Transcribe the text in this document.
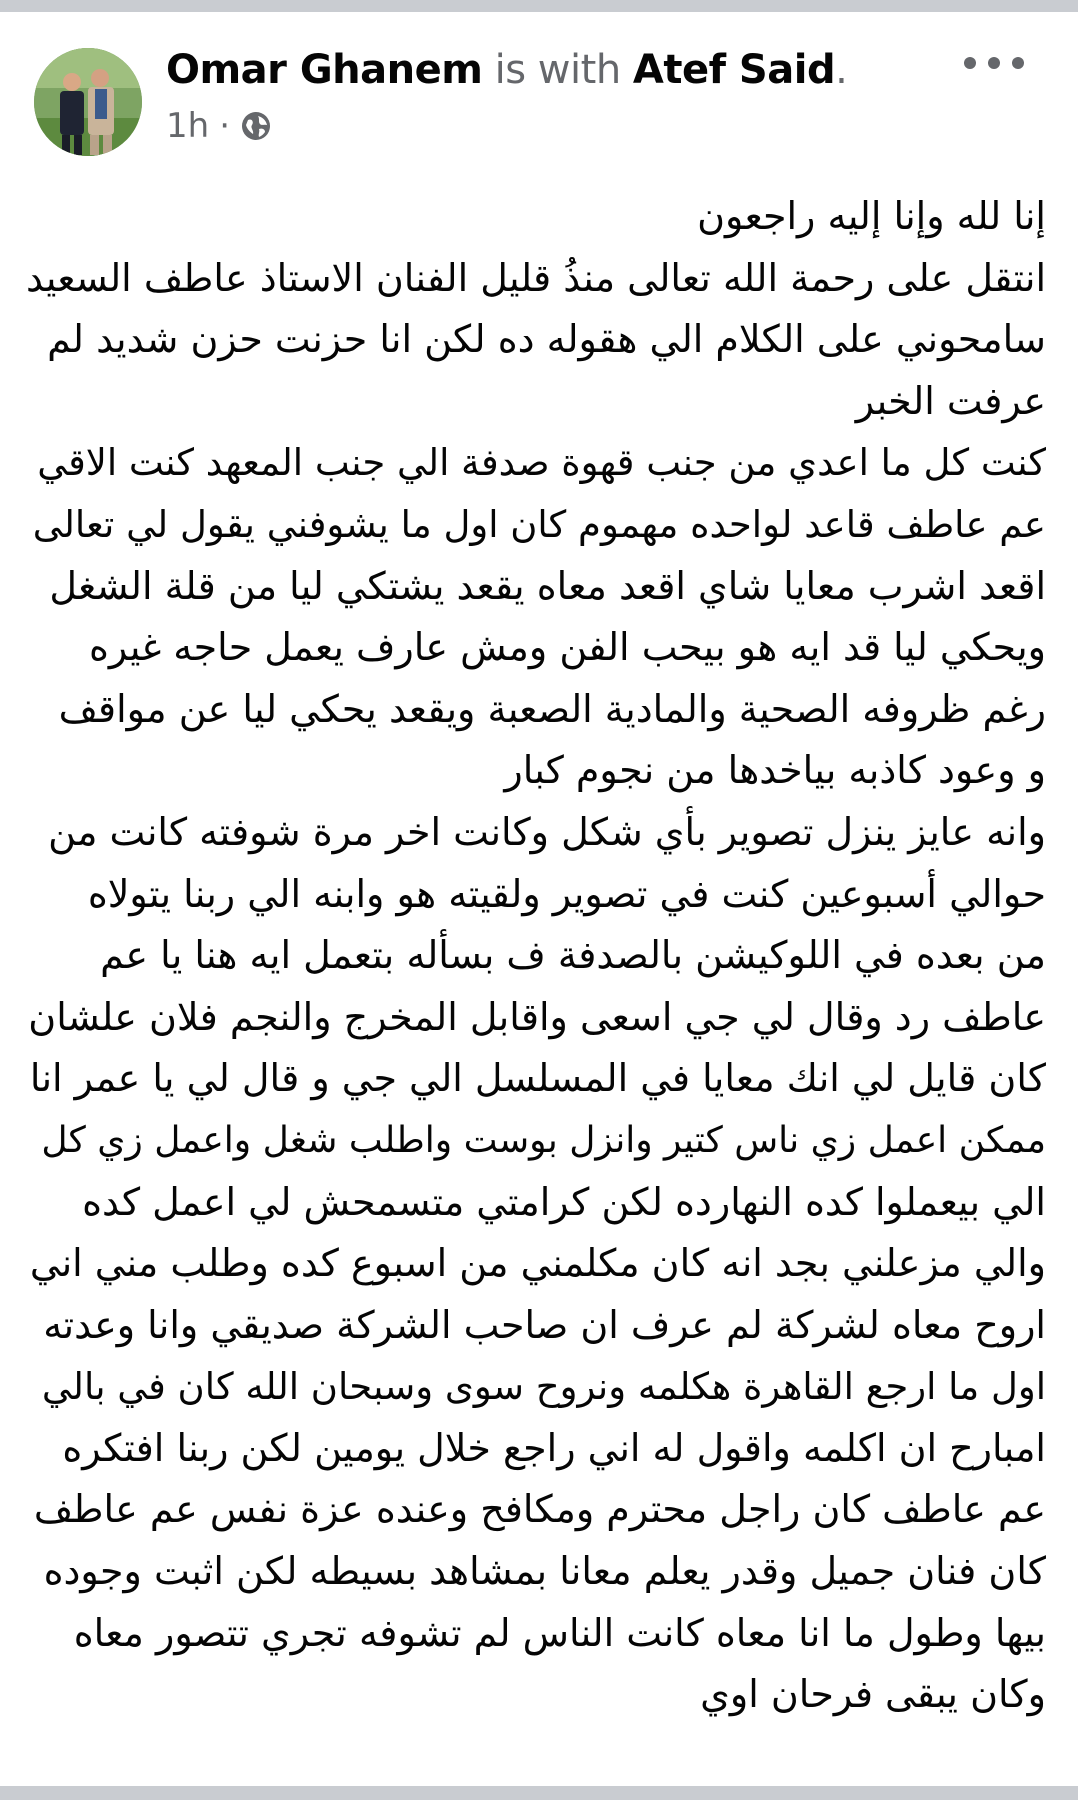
Omar Ghanem is with Atef Said.
1h ·
إنا لله وإنا إليه راجعون
انتقل على رحمة الله تعالى منذُ قليل الفنان الاستاذ عاطف السعيد
سامحوني على الكلام الي هقوله ده لكن انا حزنت حزن شديد لم
عرفت الخبر
كنت كل ما اعدي من جنب قهوة صدفة الي جنب المعهد كنت الاقي
عم عاطف قاعد لواحده مهموم كان اول ما يشوفني يقول لي تعالى
اقعد اشرب معايا شاي اقعد معاه يقعد يشتكي ليا من قلة الشغل
ويحكي ليا قد ايه هو بيحب الفن ومش عارف يعمل حاجه غيره
رغم ظروفه الصحية والمادية الصعبة ويقعد يحكي ليا عن مواقف
و وعود كاذبه بياخدها من نجوم كبار
وانه عايز ينزل تصوير بأي شكل وكانت اخر مرة شوفته كانت من
حوالي أسبوعين كنت في تصوير ولقيته هو وابنه الي ربنا يتولاه
من بعده في اللوكيشن بالصدفة ف بسأله بتعمل ايه هنا يا عم
عاطف رد وقال لي جي اسعى واقابل المخرج والنجم فلان علشان
كان قايل لي انك معايا في المسلسل الي جي و قال لي يا عمر انا
ممكن اعمل زي ناس كتير وانزل بوست واطلب شغل واعمل زي كل
الي بيعملوا كده النهارده لكن كرامتي متسمحش لي اعمل كده
والي مزعلني بجد انه كان مكلمني من اسبوع كده وطلب مني اني
اروح معاه لشركة لم عرف ان صاحب الشركة صديقي وانا وعدته
اول ما ارجع القاهرة هكلمه ونروح سوى وسبحان الله كان في بالي
امبارح ان اكلمه واقول له اني راجع خلال يومين لكن ربنا افتكره
عم عاطف كان راجل محترم ومكافح وعنده عزة نفس عم عاطف
كان فنان جميل وقدر يعلم معانا بمشاهد بسيطه لكن اثبت وجوده
بيها وطول ما انا معاه كانت الناس لم تشوفه تجري تتصور معاه
وكان يبقى فرحان اوي
